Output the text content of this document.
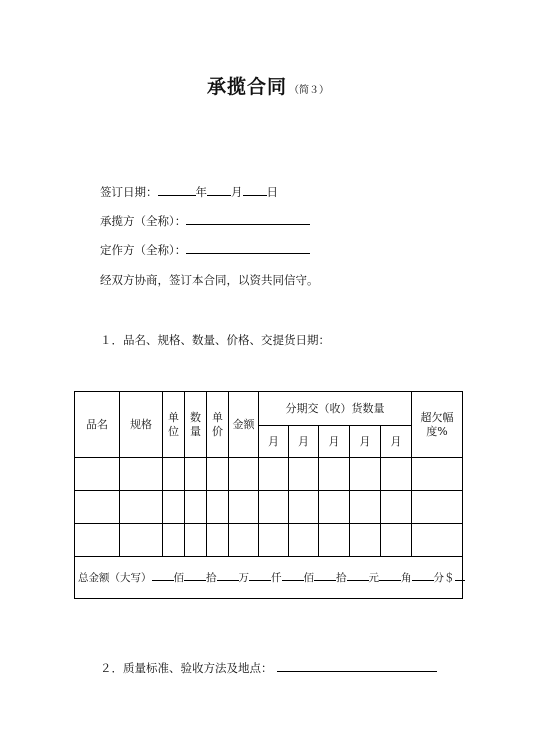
承揽合同 （简３）
签订日期：	年 月 日
承揽方（全称）：
定作方（全称）：
经双方协商，签订本合同，以资共同信守。
１．品名、规格、数量、价格、交提货日期：
品名	规格	单位	数量	单价	金额	分期交（收）货数量					超欠幅度%
						月	月	月	月	月	

总金额（大写） 佰 拾 万 仟 佰 拾 元 角 分＄											
２．质量标准、验收方法及地点：
